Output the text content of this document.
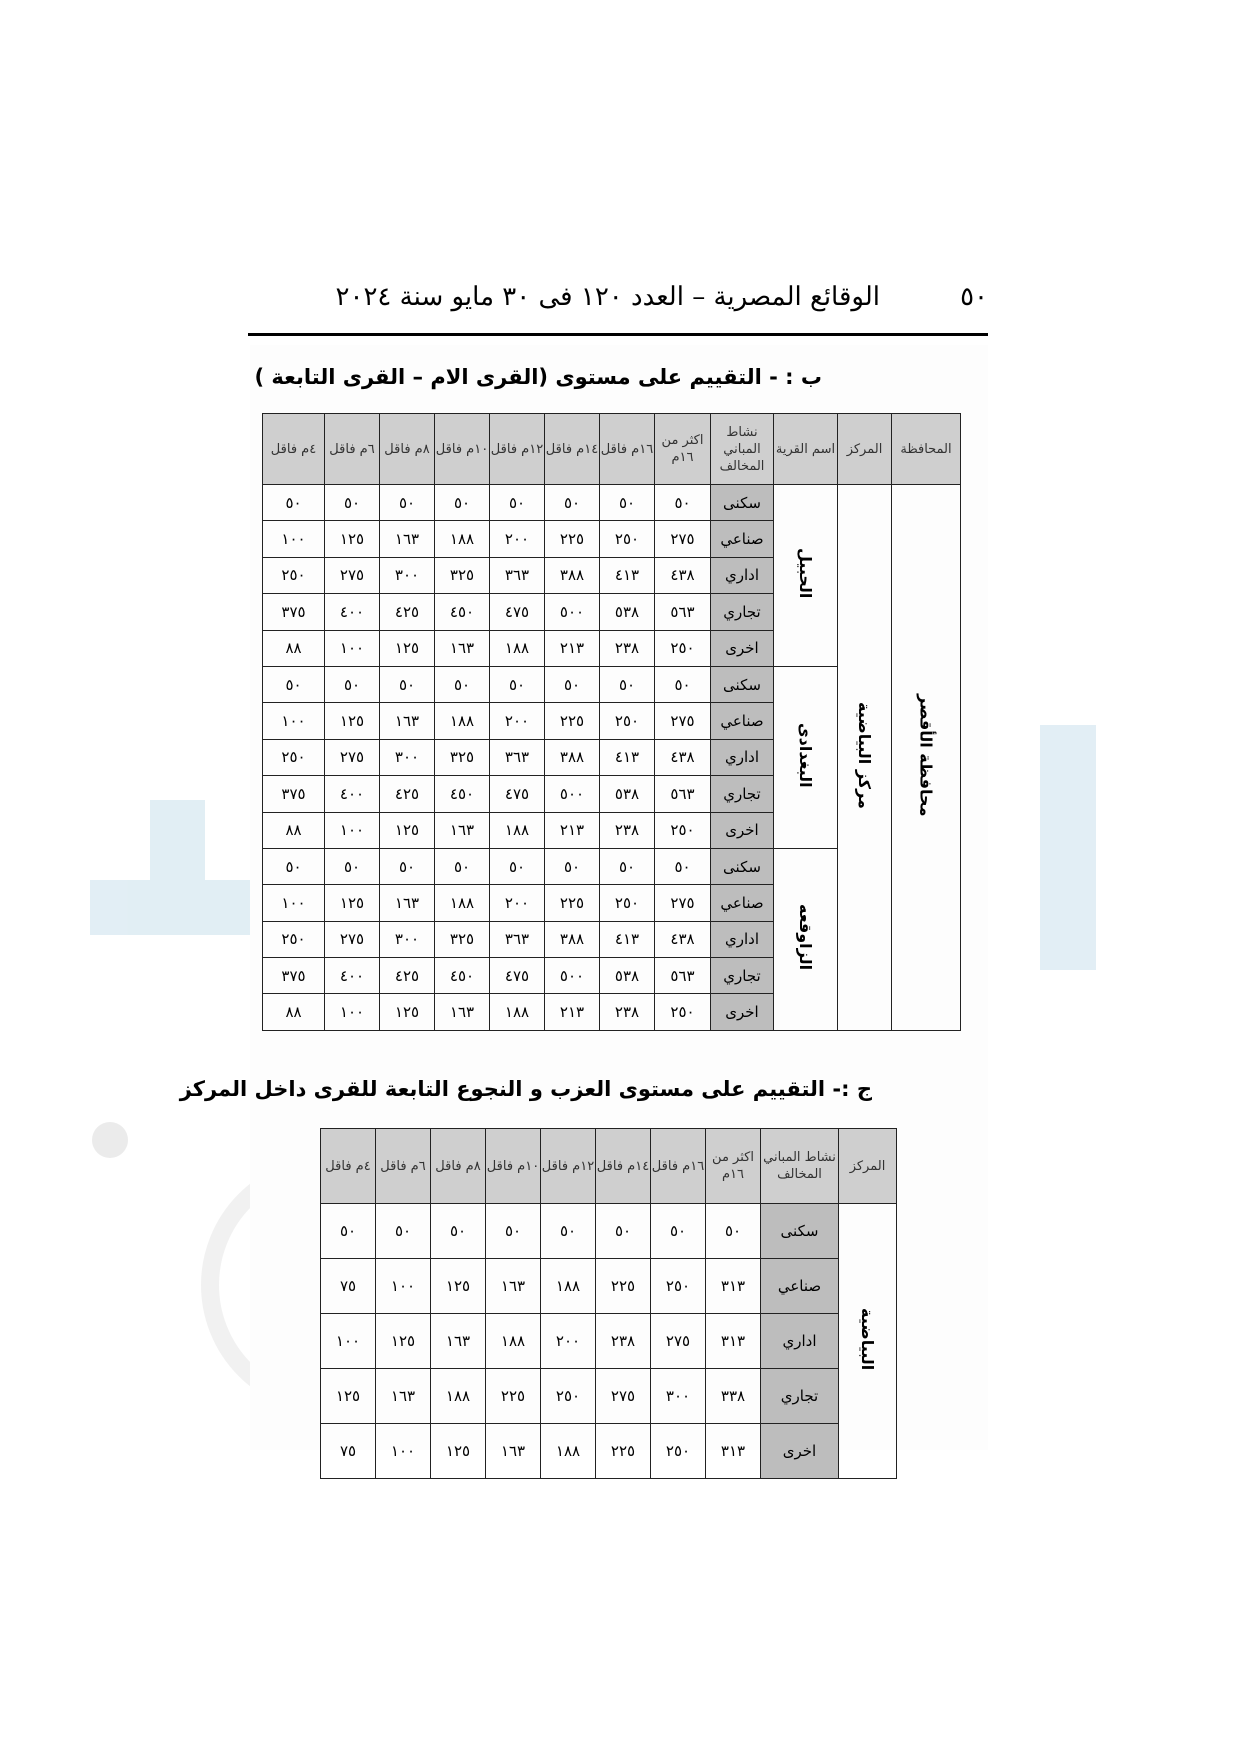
٥٠
الوقائع المصرية – العدد ١٢٠ فى ٣٠ مايو سنة ٢٠٢٤
ب : - التقييم على مستوى (القرى الام – القرى التابعة )
المحافظة	المركز	اسم القرية	نشاط المباني المخالف	اكثر من ١٦م	١٦م فاقل	١٤م فاقل	١٢م فاقل	١٠م فاقل	٨م فاقل	٦م فاقل	٤م فاقل
محافظة الأقصر	مركز البياضية	الحبيل	سكنى	٥٠	٥٠	٥٠	٥٠	٥٠	٥٠	٥٠	٥٠
			صناعي	٢٧٥	٢٥٠	٢٢٥	٢٠٠	١٨٨	١٦٣	١٢٥	١٠٠
			اداري	٤٣٨	٤١٣	٣٨٨	٣٦٣	٣٢٥	٣٠٠	٢٧٥	٢٥٠
			تجاري	٥٦٣	٥٣٨	٥٠٠	٤٧٥	٤٥٠	٤٢٥	٤٠٠	٣٧٥
			اخرى	٢٥٠	٢٣٨	٢١٣	١٨٨	١٦٣	١٢٥	١٠٠	٨٨
		البغدادى	سكنى	٥٠	٥٠	٥٠	٥٠	٥٠	٥٠	٥٠	٥٠
			صناعي	٢٧٥	٢٥٠	٢٢٥	٢٠٠	١٨٨	١٦٣	١٢٥	١٠٠
			اداري	٤٣٨	٤١٣	٣٨٨	٣٦٣	٣٢٥	٣٠٠	٢٧٥	٢٥٠
			تجاري	٥٦٣	٥٣٨	٥٠٠	٤٧٥	٤٥٠	٤٢٥	٤٠٠	٣٧٥
			اخرى	٢٥٠	٢٣٨	٢١٣	١٨٨	١٦٣	١٢٥	١٠٠	٨٨
		الزاوقعه	سكنى	٥٠	٥٠	٥٠	٥٠	٥٠	٥٠	٥٠	٥٠
			صناعي	٢٧٥	٢٥٠	٢٢٥	٢٠٠	١٨٨	١٦٣	١٢٥	١٠٠
			اداري	٤٣٨	٤١٣	٣٨٨	٣٦٣	٣٢٥	٣٠٠	٢٧٥	٢٥٠
			تجاري	٥٦٣	٥٣٨	٥٠٠	٤٧٥	٤٥٠	٤٢٥	٤٠٠	٣٧٥
			اخرى	٢٥٠	٢٣٨	٢١٣	١٨٨	١٦٣	١٢٥	١٠٠	٨٨
ج :- التقييم على مستوى العزب و النجوع التابعة للقرى داخل المركز
المركز	نشاط المباني المخالف	اكثر من ١٦م	١٦م فاقل	١٤م فاقل	١٢م فاقل	١٠م فاقل	٨م فاقل	٦م فاقل	٤م فاقل
البياضية	سكنى	٥٠	٥٠	٥٠	٥٠	٥٠	٥٠	٥٠	٥٠
	صناعي	٣١٣	٢٥٠	٢٢٥	١٨٨	١٦٣	١٢٥	١٠٠	٧٥
	اداري	٣١٣	٢٧٥	٢٣٨	٢٠٠	١٨٨	١٦٣	١٢٥	١٠٠
	تجاري	٣٣٨	٣٠٠	٢٧٥	٢٥٠	٢٢٥	١٨٨	١٦٣	١٢٥
	اخرى	٣١٣	٢٥٠	٢٢٥	١٨٨	١٦٣	١٢٥	١٠٠	٧٥
